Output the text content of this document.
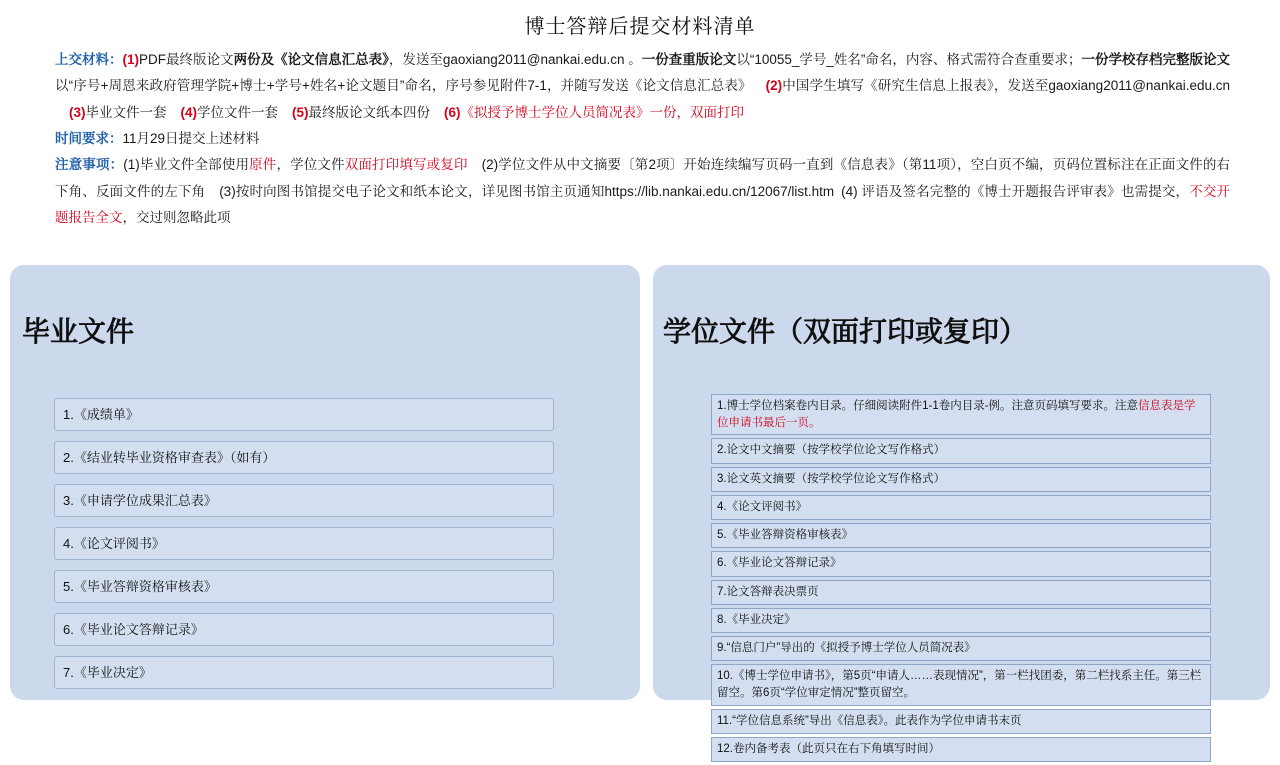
博士答辩后提交材料清单

上交材料：(1)PDF最终版论文两份及《论文信息汇总表》，发送至gaoxiang2011@nankai.edu.cn 。一份查重版论文以“10055_学号_姓名”命名，内容、格式需符合查重要求；一份学校存档完整版论文以“序号+周恩来政府管理学院+博士+学号+姓名+论文题目”命名，序号参见附件7-1，并随写发送《论文信息汇总表》 (2)中国学生填写《研究生信息上报表》，发送至gaoxiang2011@nankai.edu.cn(3)毕业文件一套 (4)学位文件一套 (5)最终版论文纸本四份 (6)《拟授予博士学位人员简况表》一份，双面打印

时间要求：11月29日提交上述材料

注意事项：(1)毕业文件全部使用原件，学位文件双面打印填写或复印 (2)学位文件从中文摘要〔第2项〕开始连续编写页码一直到《信息表》（第11项），空白页不编，页码位置标注在正面文件的右下角、反面文件的左下角 (3)按时向图书馆提交电子论文和纸本论文，详见图书馆主页通知https://lib.nankai.edu.cn/12067/list.htm (4) 评语及签名完整的《博士开题报告评审表》也需提交，不交开题报告全文，交过则忽略此项

毕业文件
1.《成绩单》
2.《结业转毕业资格审查表》（如有）
3.《申请学位成果汇总表》
4.《论文评阅书》
5.《毕业答辩资格审核表》
6.《毕业论文答辩记录》
7.《毕业决定》
学位文件（双面打印或复印）
1.博士学位档案卷内目录。仔细阅读附件1-1卷内目录-例。注意页码填写要求。注意信息表是学位申请书最后一页。
2.论文中文摘要（按学校学位论文写作格式）
3.论文英文摘要（按学校学位论文写作格式）
4.《论文评阅书》
5.《毕业答辩资格审核表》
6.《毕业论文答辩记录》
7.论文答辩表决票页
8.《毕业决定》
9.“信息门户”导出的《拟授予博士学位人员简况表》
10.《博士学位申请书》，第5页“申请人……表现情况”，第一栏找团委，第二栏找系主任。第三栏留空。第6页“学位审定情况”整页留空。
11.“学位信息系统”导出《信息表》。此表作为学位申请书末页
12.卷内备考表（此页只在右下角填写时间）
